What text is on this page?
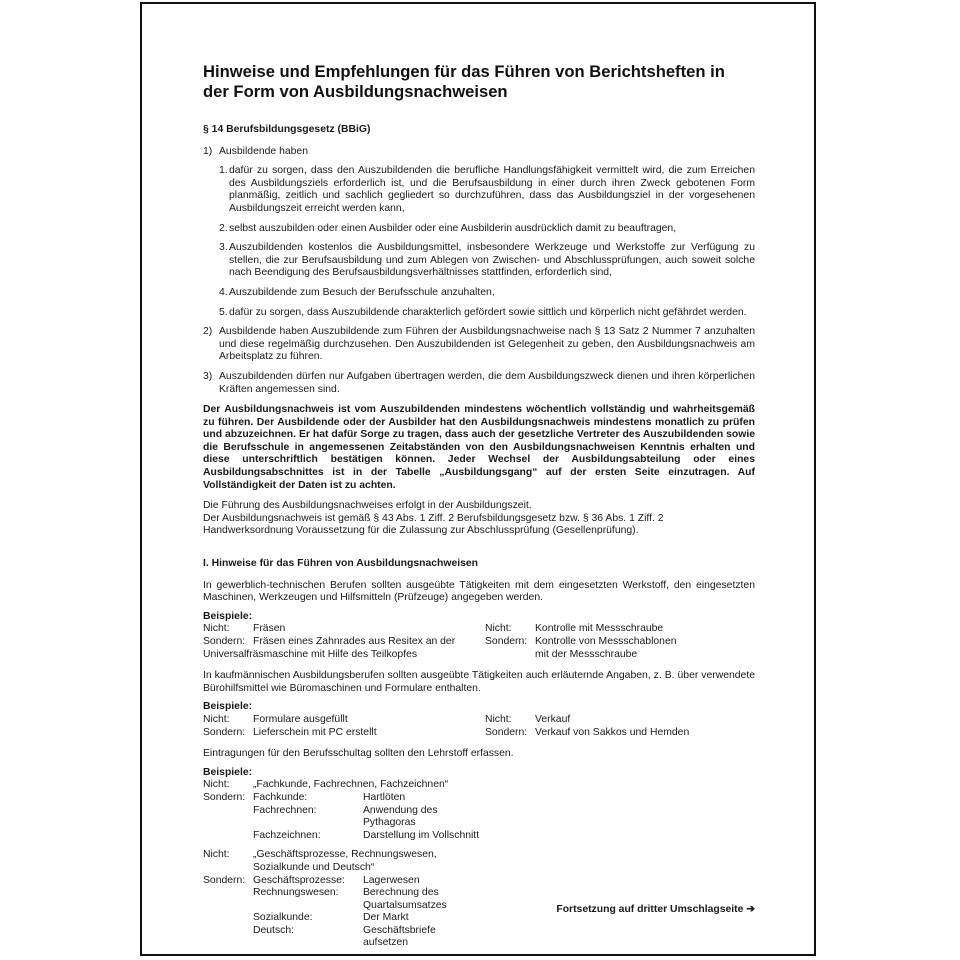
Hinweise und Empfehlungen für das Führen von Berichtsheften in der Form von Ausbildungsnachweisen
§ 14 Berufsbildungsgesetz (BBiG)
1) Ausbildende haben
1. dafür zu sorgen, dass den Auszubildenden die berufliche Handlungsfähigkeit vermittelt wird, die zum Erreichen des Ausbildungsziels erforderlich ist, und die Berufsausbildung in einer durch ihren Zweck gebotenen Form planmäßig, zeitlich und sachlich gegliedert so durchzuführen, dass das Ausbildungsziel in der vorgesehenen Ausbildungszeit erreicht werden kann,
2. selbst auszubilden oder einen Ausbilder oder eine Ausbilderin ausdrücklich damit zu beauftragen,
3. Auszubildenden kostenlos die Ausbildungsmittel, insbesondere Werkzeuge und Werkstoffe zur Verfügung zu stellen, die zur Berufsausbildung und zum Ablegen von Zwischen- und Abschlussprüfungen, auch soweit solche nach Beendigung des Berufsausbildungsverhältnisses stattfinden, erforderlich sind,
4. Auszubildende zum Besuch der Berufsschule anzuhalten,
5. dafür zu sorgen, dass Auszubildende charakterlich gefördert sowie sittlich und körperlich nicht gefährdet werden.
2) Ausbildende haben Auszubildende zum Führen der Ausbildungsnachweise nach § 13 Satz 2 Nummer 7 anzuhalten und diese regelmäßig durchzusehen. Den Auszubildenden ist Gelegenheit zu geben, den Ausbildungsnachweis am Arbeitsplatz zu führen.
3) Auszubildenden dürfen nur Aufgaben übertragen werden, die dem Ausbildungszweck dienen und ihren körperlichen Kräften angemessen sind.
Der Ausbildungsnachweis ist vom Auszubildenden mindestens wöchentlich vollständig und wahrheitsgemäß zu führen. Der Ausbildende oder der Ausbilder hat den Ausbildungsnachweis mindestens monatlich zu prüfen und abzuzeichnen. Er hat dafür Sorge zu tragen, dass auch der gesetzliche Vertreter des Auszubildenden sowie die Berufsschule in angemessenen Zeitabständen von den Ausbildungsnachweisen Kenntnis erhalten und diese unterschriftlich bestätigen können. Jeder Wechsel der Ausbildungsabteilung oder eines Ausbildungsabschnittes ist in der Tabelle „Ausbildungsgang“ auf der ersten Seite einzutragen. Auf Vollständigkeit der Daten ist zu achten.
Die Führung des Ausbildungsnachweises erfolgt in der Ausbildungszeit.
Der Ausbildungsnachweis ist gemäß § 43 Abs. 1 Ziff. 2 Berufsbildungsgesetz bzw. § 36 Abs. 1 Ziff. 2 Handwerksordnung Voraussetzung für die Zulassung zur Abschlussprüfung (Gesellenprüfung).
I. Hinweise für das Führen von Ausbildungsnachweisen
In gewerblich-technischen Berufen sollten ausgeübte Tätigkeiten mit dem eingesetzten Werkstoff, den eingesetzten Maschinen, Werkzeugen und Hilfsmitteln (Prüfzeuge) angegeben werden.
Beispiele:
Nicht:	Fräsen	Nicht:	Kontrolle mit Messschraube
Sondern: Fräsen eines Zahnrades aus Resitex an der	Sondern: Kontrolle von Messschablonen
Universalfräsmaschine mit Hilfe des Teilkopfes	mit der Messschraube
In kaufmännischen Ausbildungsberufen sollten ausgeübte Tätigkeiten auch erläuternde Angaben, z. B. über verwendete Bürohilfsmittel wie Büromaschinen und Formulare enthalten.
Beispiele:
Nicht:	Formulare ausgefüllt	Nicht:	Verkauf
Sondern: Lieferschein mit PC erstellt	Sondern: Verkauf von Sakkos und Hemden
Eintragungen für den Berufsschultag sollten den Lehrstoff erfassen.
Beispiele:
Nicht:	„Fachkunde, Fachrechnen, Fachzeichnen“
Sondern: Fachkunde:	Hartlöten
Fachrechnen:	Anwendung des Pythagoras
Fachzeichnen:	Darstellung im Vollschnitt
Nicht:	„Geschäftsprozesse, Rechnungswesen, Sozialkunde und Deutsch“
Sondern: Geschäftsprozesse:	Lagerwesen
Rechnungswesen:	Berechnung des Quartalsumsatzes
Sozialkunde:	Der Markt
Deutsch:	Geschäftsbriefe aufsetzen
Fortsetzung auf dritter Umschlagseite ➔
